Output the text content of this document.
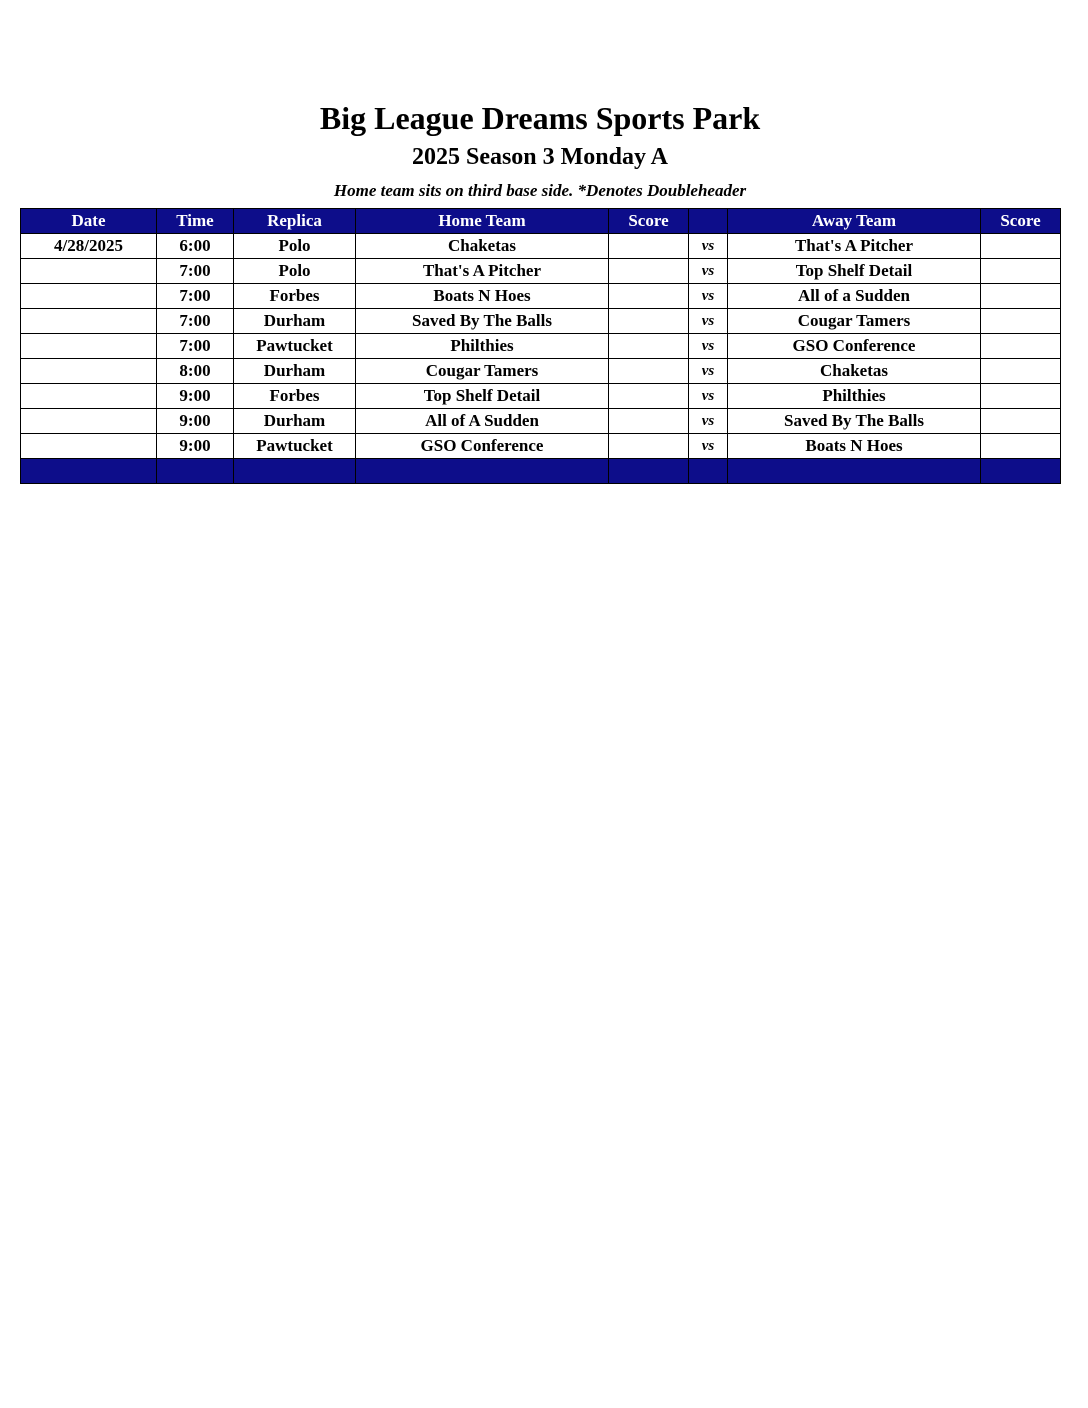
Big League Dreams Sports Park
2025 Season 3 Monday A
Home team sits on third base side. *Denotes Doubleheader
Date	Time	Replica	Home Team	Score		Away Team	Score
4/28/2025	6:00	Polo	Chaketas		vs	That's A Pitcher	
	7:00	Polo	That's A Pitcher		vs	Top Shelf Detail	
	7:00	Forbes	Boats N Hoes		vs	All of a Sudden	
	7:00	Durham	Saved By The Balls		vs	Cougar Tamers	
	7:00	Pawtucket	Philthies		vs	GSO Conference	
	8:00	Durham	Cougar Tamers		vs	Chaketas	
	9:00	Forbes	Top Shelf Detail		vs	Philthies	
	9:00	Durham	All of A Sudden		vs	Saved By The Balls	
	9:00	Pawtucket	GSO Conference		vs	Boats N Hoes	
